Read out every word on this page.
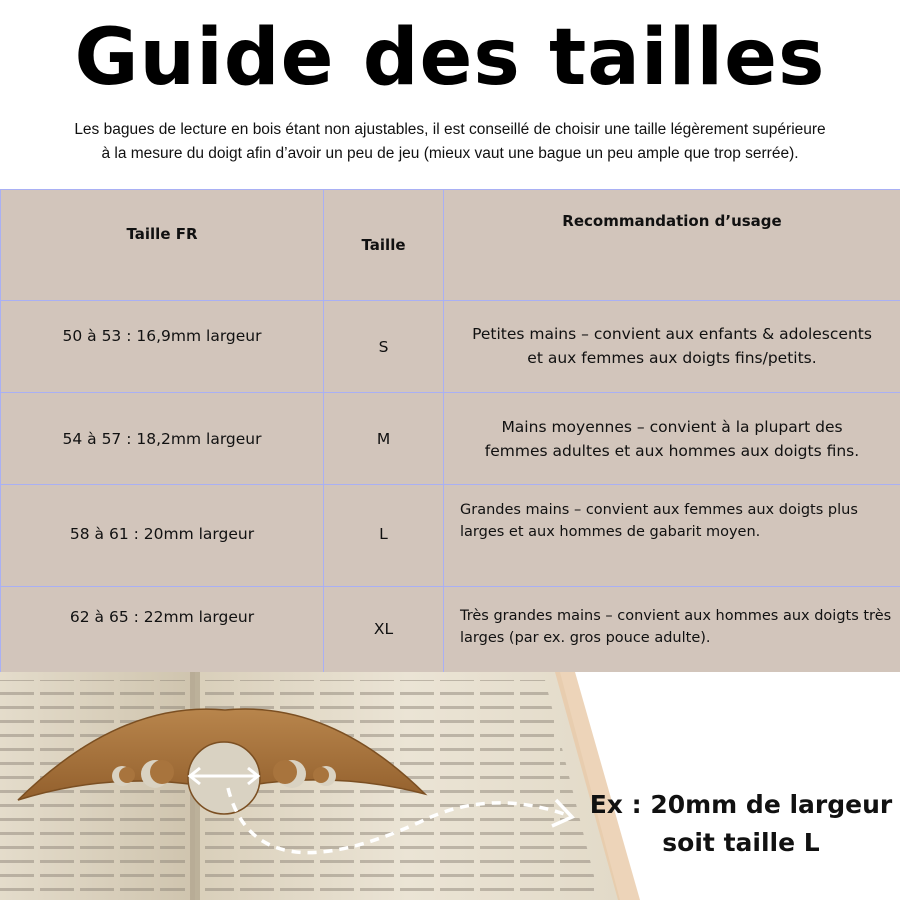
Guide des tailles
Les bagues de lecture en bois étant non ajustables, il est conseillé de choisir une taille légèrement supérieure
à la mesure du doigt afin d’avoir un peu de jeu (mieux vaut une bague un peu ample que trop serrée).
Taille FR	Taille	Recommandation d’usage
50 à 53 : 16,9mm largeur	S	Petites mains – convient aux enfants & adolescents
et aux femmes aux doigts fins/petits.

54 à 57 : 18,2mm largeur	M	Mains moyennes – convient à la plupart des
femmes adultes et aux hommes aux doigts fins.

58 à 61 : 20mm largeur	L	Grandes mains – convient aux femmes aux doigts plus
larges et aux hommes de gabarit moyen.

62 à 65 : 22mm largeur	XL	Très grandes mains – convient aux hommes aux doigts très
larges (par ex. gros pouce adulte).
Ex : 20mm de largeur
soit taille L
